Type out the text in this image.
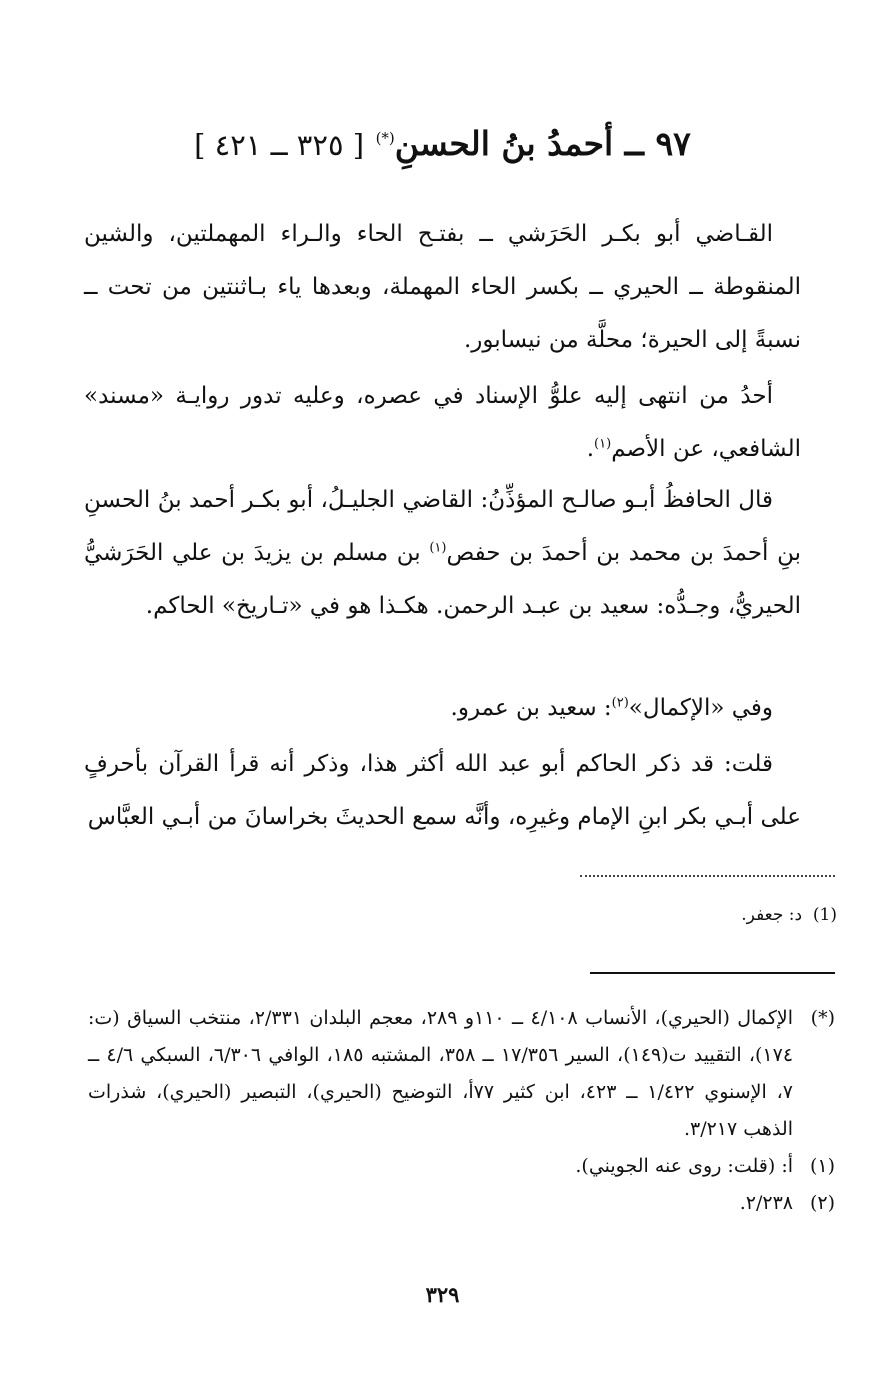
٩٧ ــ أحمدُ بنُ الحسنِ(*) [ ٣٢٥ ــ ٤٢١ ]

القـاضي أبو بكـر الحَرَشي ــ بفتـح الحاء والـراء المهملتين، والشين المنقوطة ــ الحيري ــ بكسر الحاء المهملة، وبعدها ياء بـاثنتين من تحت ــ نسبةً إلى الحيرة؛ محلَّة من نيسابور.

أحدُ من انتهى إليه علوُّ الإسناد في عصره، وعليه تدور روايـة «مسند» الشافعي، عن الأصم$^{(١)}$.

قال الحافظُ أبـو صالـح المؤذِّنُ: القاضي الجليـلُ، أبو بكـر أحمد بنُ الحسنِ بنِ أحمدَ بن محمد بن أحمدَ بن حفص$^{(١)}$ بن مسلم بن يزيدَ بن علي الحَرَشيُّ الحيريُّ، وجـدُّه: سعيد بن عبـد الرحمن. هكـذا هو في «تـاريخ» الحاكم.

وفي «الإكمال»$^{(٢)}$: سعيد بن عمرو.

قلت: قد ذكر الحاكم أبو عبد الله أكثر هذا، وذكر أنه قرأ القرآن بأحرفٍ على أبـي بكر ابنِ الإمام وغيرِه، وأنَّه سمع الحديثَ بخراسانَ من أبـي العبَّاس

(1)  د: جعفر.

(*)
الإكمال (الحيري)، الأنساب ٤/١٠٨ ــ ١١٠و ٢٨٩، معجم البلدان ٢/٣٣١، منتخب السياق (ت: ١٧٤)، التقييد ت(١٤٩)، السير ١٧/٣٥٦ ــ ٣٥٨، المشتبه ١٨٥، الوافي ٦/٣٠٦، السبكي ٤/٦ ــ ٧، الإسنوي ١/٤٢٢ ــ ٤٢٣، ابن كثير ٧٧أ، التوضيح (الحيري)، التبصير (الحيري)، شذرات الذهب ٣/٢١٧.

(١)
أ: (قلت: روى عنه الجويني).

(٢)
٢/٢٣٨.

٣٢٩
